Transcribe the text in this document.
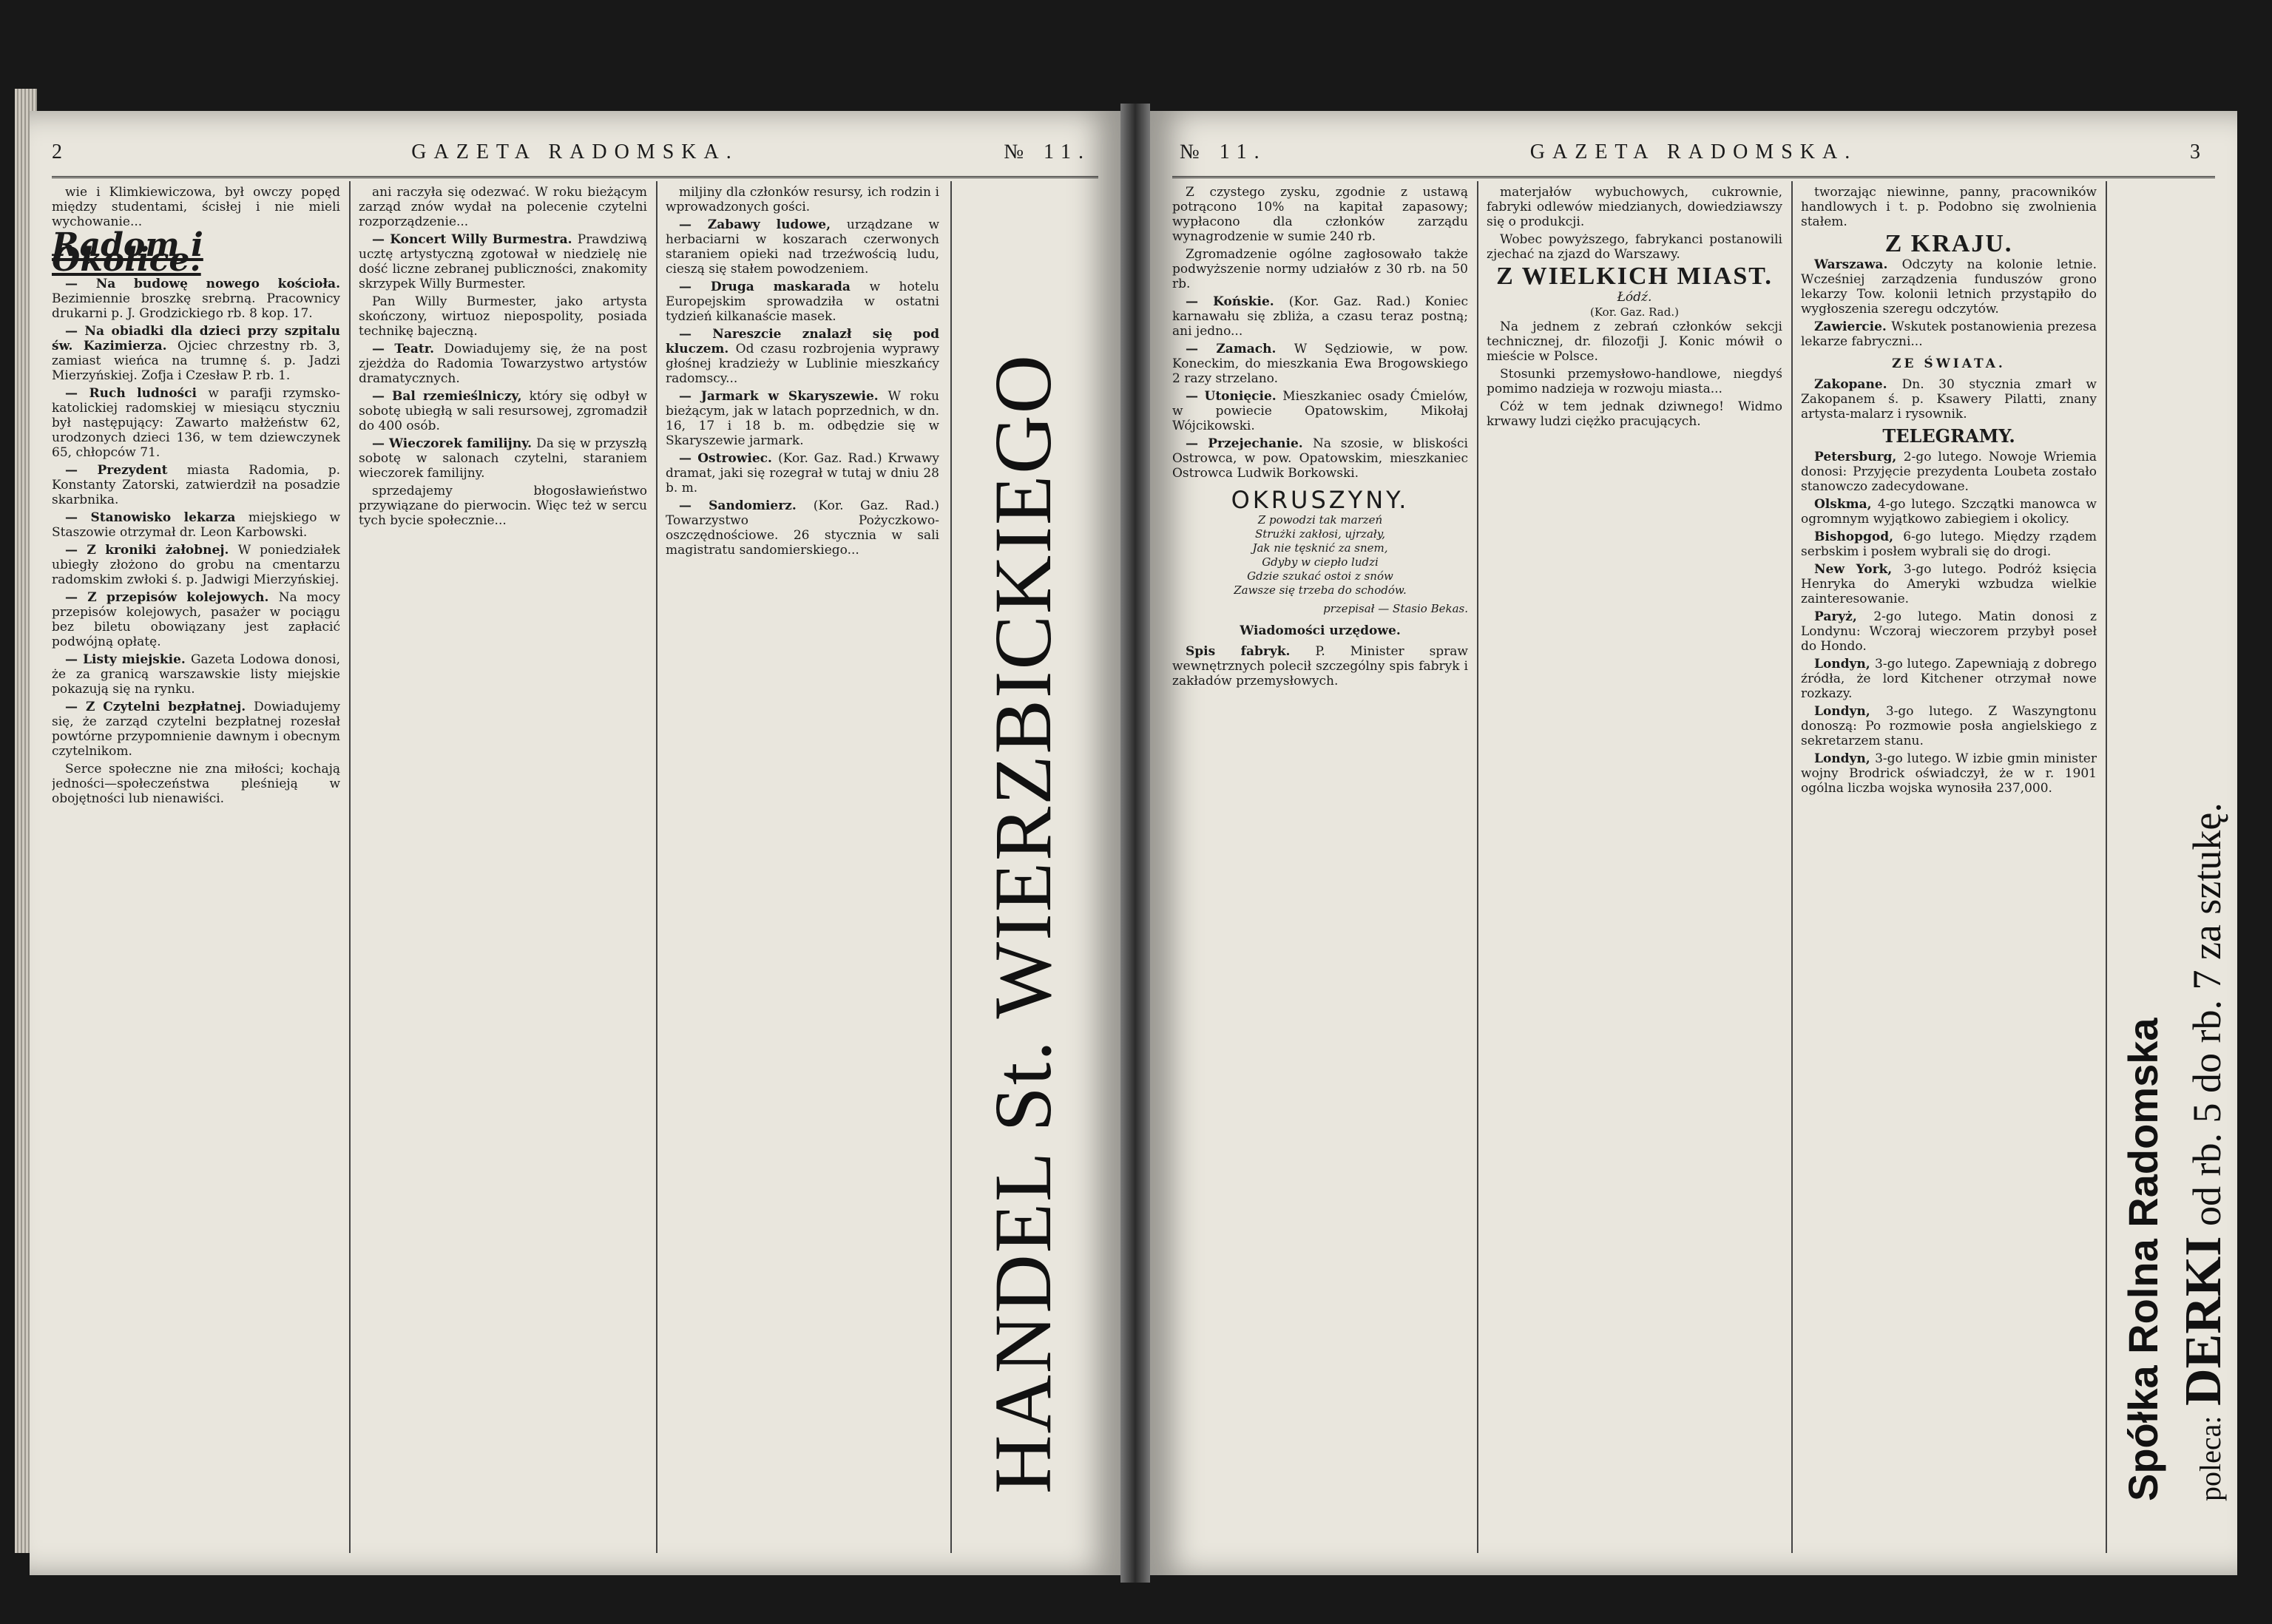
2	GAZETA RADOMSKA.	№ 11.

wie i Klimkiewiczowa, był owczy popęd między studentami, ścisłej i nie mieli wychowanie...

Radom i Okolice.

— Na budowę nowego kościoła. Bezimiennie broszkę srebrną. Pracownicy drukarni p. J. Grodzickiego rb. 8 kop. 17.

— Na obiadki dla dzieci przy szpitalu św. Kazimierza. Ojciec chrzestny rb. 3, zamiast wieńca na trumnę ś. p. Jadzi Mierzyńskiej. Zofja i Czesław P. rb. 1.

— Ruch ludności w parafji rzymsko-katolickiej radomskiej w miesiącu styczniu był następujący: Zawarto małżeństw 62, urodzonych dzieci 136, w tem dziewczynek 65, chłopców 71.

— Prezydent miasta Radomia, p. Konstanty Zatorski, zatwierdził na posadzie skarbnika.

— Stanowisko lekarza miejskiego w Staszowie otrzymał dr. Leon Karbowski.

— Z kroniki żałobnej. W poniedziałek ubiegły złożono do grobu na cmentarzu radomskim zwłoki ś. p. Jadwigi Mierzyńskiej.

— Z przepisów kolejowych. Na mocy przepisów kolejowych, pasażer w pociągu bez biletu obowiązany jest zapłacić podwójną opłatę.

— Listy miejskie. Gazeta Lodowa donosi, że za granicą warszawskie listy miejskie pokazują się na rynku.

— Z Czytelni bezpłatnej. Dowiadujemy się, że zarząd czytelni bezpłatnej rozesłał powtórne przypomnienie dawnym i obecnym czytelnikom.

Serce społeczne nie zna miłości; kochają jedności—społeczeństwa pleśnieją w obojętności lub nienawiści.

ani raczyła się odezwać. W roku bieżącym zarząd znów wydał na polecenie czytelni rozporządzenie...

— Koncert Willy Burmestra. Prawdziwą ucztę artystyczną zgotował w niedzielę nie dość liczne zebranej publiczności, znakomity skrzypek Willy Burmester.

Pan Willy Burmester, jako artysta skończony, wirtuoz niepospolity, posiada technikę bajeczną.

— Teatr. Dowiadujemy się, że na post zjeżdża do Radomia Towarzystwo artystów dramatycznych.

— Bal rzemieślniczy, który się odbył w sobotę ubiegłą w sali resursowej, zgromadził do 400 osób.

— Wieczorek familijny. Da się w przyszłą sobotę w salonach czytelni, staraniem wieczorek familijny.

sprzedajemy błogosławieństwo przywiązane do pierwocin. Więc też w sercu tych bycie społecznie...

miljiny dla członków resursy, ich rodzin i wprowadzonych gości.

— Zabawy ludowe, urządzane w herbaciarni w koszarach czerwonych staraniem opieki nad trzeźwością ludu, cieszą się stałem powodzeniem.

— Druga maskarada w hotelu Europejskim sprowadziła w ostatni tydzień kilkanaście masek.

— Nareszcie znalazł się pod kluczem. Od czasu rozbrojenia wyprawy głośnej kradzieży w Lublinie mieszkańcy radomscy...

— Jarmark w Skaryszewie. W roku bieżącym, jak w latach poprzednich, w dn. 16, 17 i 18 b. m. odbędzie się w Skaryszewie jarmark.

— Ostrowiec. (Kor. Gaz. Rad.) Krwawy dramat, jaki się rozegrał w tutaj w dniu 28 b. m.

— Sandomierz. (Kor. Gaz. Rad.) Towarzystwo Pożyczkowo-oszczędnościowe. 26 stycznia w sali magistratu sandomierskiego...

HANDEL St. WIERZBICKIEGO
№ 11.	GAZETA RADOMSKA.	3

Z czystego zysku, zgodnie z ustawą potrącono 10% na kapitał zapasowy; wypłacono dla członków zarządu wynagrodzenie w sumie 240 rb.

Zgromadzenie ogólne zagłosowało także podwyższenie normy udziałów z 30 rb. na 50 rb.

— Końskie. (Kor. Gaz. Rad.) Koniec karnawału się zbliża, a czasu teraz postną; ani jedno...

— Zamach. W Sędziowie, w pow. Koneckim, do mieszkania Ewa Brogowskiego 2 razy strzelano.

— Utonięcie. Mieszkaniec osady Ćmielów, w powiecie Opatowskim, Mikołaj Wójcikowski.

— Przejechanie. Na szosie, w bliskości Ostrowca, w pow. Opatowskim, mieszkaniec Ostrowca Ludwik Borkowski.

OKRUSZYNY.
Z powodzi tak marzeń
Strużki zakłosi, ujrzały,
Jak nie tęsknić za snem,
Gdyby w ciepło ludzi
Gdzie szukać ostoi z snów
Zawsze się trzeba do schodów.
przepisał — Stasio Bekas.
Wiadomości urzędowe.

Spis fabryk. P. Minister spraw wewnętrznych polecił szczególny spis fabryk i zakładów przemysłowych.

materjałów wybuchowych, cukrownie, fabryki odlewów miedzianych, dowiedziawszy się o produkcji.

Wobec powyższego, fabrykanci postanowili zjechać na zjazd do Warszawy.

Z WIELKICH MIAST.
Łódź.
(Kor. Gaz. Rad.)

Na jednem z zebrań członków sekcji technicznej, dr. filozofji J. Konic mówił o mieście w Polsce.

Stosunki przemysłowo-handlowe, niegdyś pomimo nadzieja w rozwoju miasta...

Cóż w tem jednak dziwnego! Widmo krwawy ludzi ciężko pracujących.

tworzając niewinne, panny, pracowników handlowych i t. p. Podobno się zwolnienia stałem.

Z KRAJU.

Warszawa. Odczyty na kolonie letnie. Wcześniej zarządzenia funduszów grono lekarzy Tow. kolonii letnich przystąpiło do wygłoszenia szeregu odczytów.

Zawiercie. Wskutek postanowienia prezesa lekarze fabryczni...

ZE ŚWIATA.

Zakopane. Dn. 30 stycznia zmarł w Zakopanem ś. p. Ksawery Pilatti, znany artysta-malarz i rysownik.

TELEGRAMY.

Petersburg, 2-go lutego. Nowoje Wriemia donosi: Przyjęcie prezydenta Loubeta zostało stanowczo zadecydowane.

Olskma, 4-go lutego. Szczątki manowca w ogromnym wyjątkowo zabiegiem i okolicy.

Bishopgod, 6-go lutego. Między rządem serbskim i posłem wybrali się do drogi.

New York, 3-go lutego. Podróż księcia Henryka do Ameryki wzbudza wielkie zainteresowanie.

Paryż, 2-go lutego. Matin donosi z Londynu: Wczoraj wieczorem przybył poseł do Hondo.

Londyn, 3-go lutego. Zapewniają z dobrego źródła, że lord Kitchener otrzymał nowe rozkazy.

Londyn, 3-go lutego. Z Waszyngtonu donoszą: Po rozmowie posła angielskiego z sekretarzem stanu.

Londyn, 3-go lutego. W izbie gmin minister wojny Brodrick oświadczył, że w r. 1901 ogólna liczba wojska wynosiła 237,000.

Spółka Rolna Radomska poleca: DERKI od rb. 5 do rb. 7 za sztukę.
